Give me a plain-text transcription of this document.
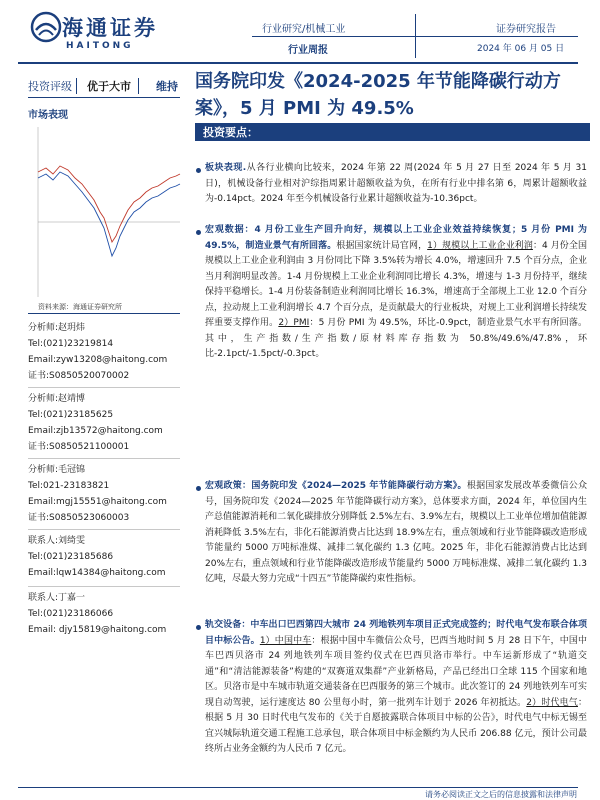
海通证券
HAITONG
行业研究/机械工业
行业周报
证券研究报告
2024 年 06 月 05 日
投资评级 优于大市 维持
市场表现
资料来源：海通证券研究所
分析师:赵玥炜
Tel:(021)23219814
Email:zyw13208@haitong.com
证书:S0850520070002
分析师:赵靖博
Tel:(021)23185625
Email:zjb13572@haitong.com
证书:S0850521100001
分析师:毛冠锦
Tel:021-23183821
Email:mgj15551@haitong.com
证书:S0850523060003
联系人:刘绮雯
Tel:(021)23185686
Email:lqw14384@haitong.com
联系人:丁嘉一
Tel:(021)23186066
Email: djy15819@haitong.com
国务院印发《2024-2025 年节能降碳行动方案》，5 月 PMI 为 49.5%
投资要点：
板块表现.从各行业横向比较来，2024 年第 22 周(2024 年 5 月 27 日至 2024 年 5 月 31 日)，机械设备行业相对沪综指周累计超额收益为负，在所有行业中排名第 6，周累计超额收益为-0.14pct。2024 年至今机械设备行业累计超额收益为-10.36pct。
宏观数据：4 月份工业生产回升向好，规模以上工业企业效益持续恢复；5 月份 PMI 为 49.5%，制造业景气有所回落。根据国家统计局官网，1）规模以上工业企业利润：4 月份全国规模以上工业企业利润由 3 月份同比下降 3.5%转为增长 4.0%，增速回升 7.5 个百分点，企业当月利润明显改善。1-4 月份规模上工业企业利润同比增长 4.3%，增速与 1-3 月份持平，继续保持平稳增长。1-4 月份装备制造业利润同比增长 16.3%，增速高于全部规上工业 12.0 个百分点，拉动规上工业利润增长 4.7 个百分点，是贡献最大的行业板块，对规上工业利润增长持续发挥重要支撑作用。2）PMI：5 月份 PMI 为 49.5%，环比-0.9pct，制造业景气水平有所回落。其中，生产指数/生产指数/原材料库存指数为 50.8%/49.6%/47.8%，环比-2.1pct/-1.5pct/-0.3pct。
宏观政策：国务院印发《2024—2025 年节能降碳行动方案》。根据国家发展改革委微信公众号，国务院印发《2024—2025 年节能降碳行动方案》，总体要求方面，2024 年，单位国内生产总值能源消耗和二氧化碳排放分别降低 2.5%左右、3.9%左右，规模以上工业单位增加值能源消耗降低 3.5%左右，非化石能源消费占比达到 18.9%左右，重点领域和行业节能降碳改造形成节能量约 5000 万吨标准煤、减排二氧化碳约 1.3 亿吨。2025 年，非化石能源消费占比达到 20%左右，重点领域和行业节能降碳改造形成节能量约 5000 万吨标准煤、减排二氧化碳约 1.3 亿吨，尽最大努力完成“十四五”节能降碳约束性指标。
轨交设备：中车出口巴西第四大城市 24 列地铁列车项目正式完成签约；时代电气发布联合体项目中标公告。1）中国中车：根据中国中车微信公众号，巴西当地时间 5 月 28 日下午，中国中车巴西贝洛市 24 列地铁列车项目签约仪式在巴西贝洛市举行。中车运新形成了“轨道交通”和“清洁能源装备”构建的“双赛道双集群”产业新格局，产品已经出口全球 115 个国家和地区。贝洛市是中车城市轨道交通装备在巴西服务的第三个城市。此次签订的 24 列地铁列车可实现自动驾驶，运行速度达 80 公里每小时，第一批列车计划于 2026 年初抵达。2）时代电气：根据 5 月 30 日时代电气发布的《关于自愿披露联合体项目中标的公告》，时代电气中标无锡至宜兴城际轨道交通工程施工总承包，联合体项目中标金额约为人民币 206.88 亿元，预计公司最终所占业务金额约为人民币 7 亿元。
请务必阅读正文之后的信息披露和法律声明
